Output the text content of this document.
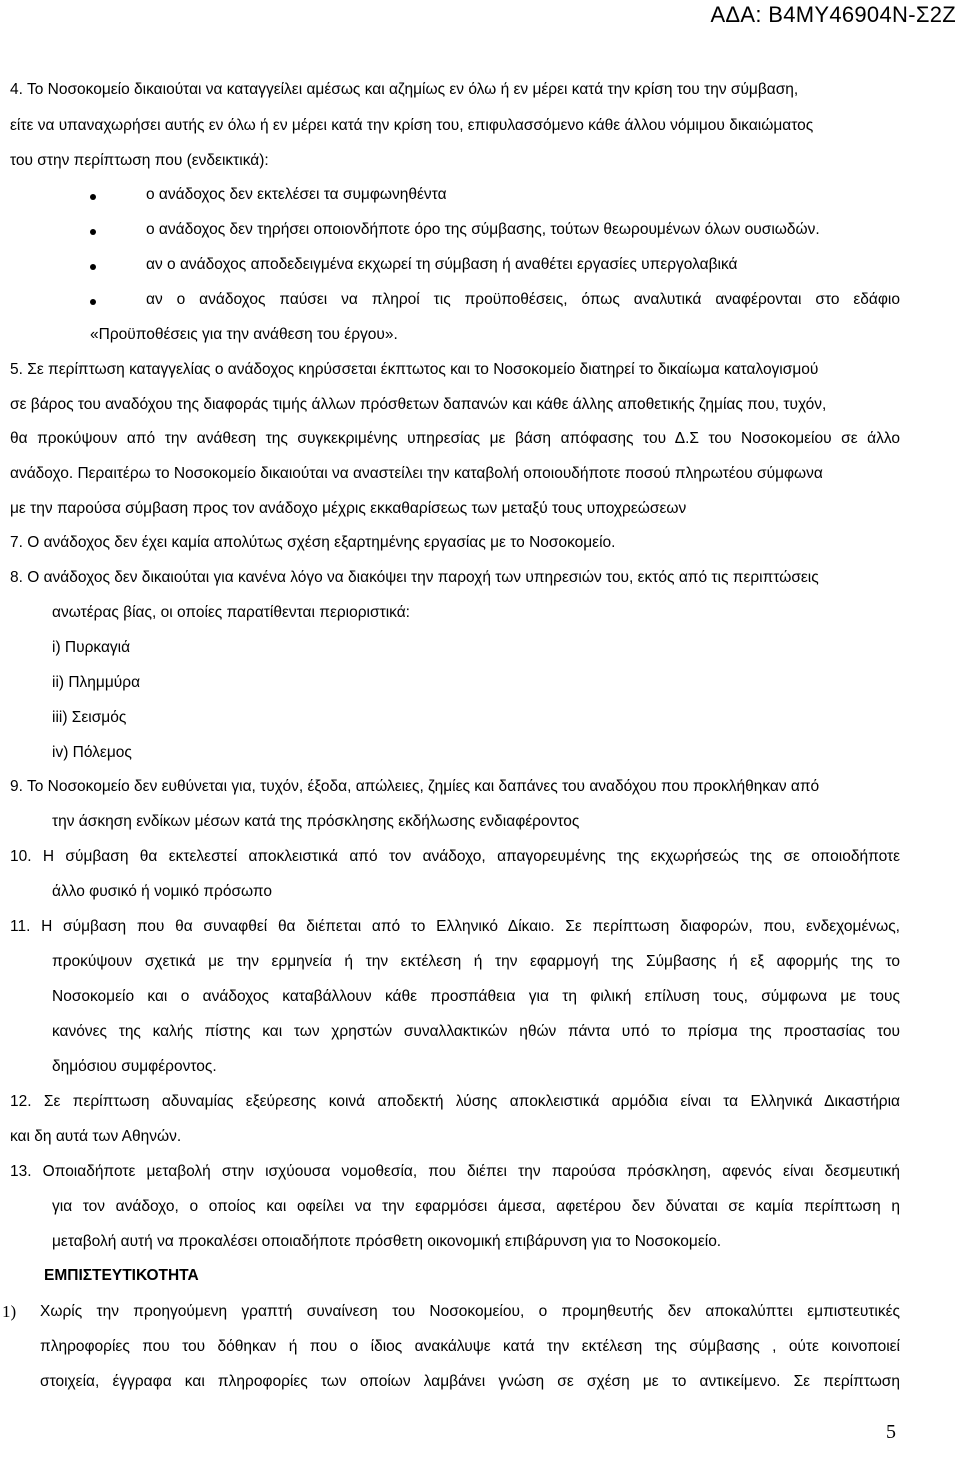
ΑΔΑ: Β4ΜΥ46904Ν-Σ2Ζ
4. Το Νοσοκομείο δικαιούται να καταγγείλει αμέσως και αζημίως εν όλω ή εν μέρει κατά την κρίση του την σύμβαση,
είτε να υπαναχωρήσει αυτής εν όλω ή εν μέρει κατά την κρίση του, επιφυλασσόμενο κάθε άλλου νόμιμου δικαιώματος
του στην περίπτωση που (ενδεικτικά):
ο ανάδοχος δεν εκτελέσει τα συμφωνηθέντα
ο ανάδοχος δεν τηρήσει οποιονδήποτε όρο της σύμβασης, τούτων θεωρουμένων όλων ουσιωδών.
αν ο ανάδοχος αποδεδειγμένα εκχωρεί τη σύμβαση ή αναθέτει εργασίες υπεργολαβικά
αν ο ανάδοχος παύσει να πληροί τις προϋποθέσεις, όπως αναλυτικά αναφέρονται στο εδάφιο
«Προϋποθέσεις για την ανάθεση του έργου».
5. Σε περίπτωση καταγγελίας ο ανάδοχος κηρύσσεται έκπτωτος και το Νοσοκομείο διατηρεί το δικαίωμα καταλογισμού
σε βάρος του αναδόχου της διαφοράς τιμής άλλων πρόσθετων δαπανών και κάθε άλλης αποθετικής ζημίας που, τυχόν,
θα προκύψουν από την ανάθεση της συγκεκριμένης υπηρεσίας με βάση απόφασης του Δ.Σ του Νοσοκομείου σε άλλο
ανάδοχο. Περαιτέρω το Νοσοκομείο δικαιούται να αναστείλει την καταβολή οποιουδήποτε ποσού πληρωτέου σύμφωνα
με την παρούσα σύμβαση προς τον ανάδοχο μέχρις εκκαθαρίσεως των μεταξύ τους υποχρεώσεων
7. Ο ανάδοχος δεν έχει καμία απολύτως σχέση εξαρτημένης εργασίας με το Νοσοκομείο.
8. Ο ανάδοχος δεν δικαιούται για κανένα λόγο να διακόψει την παροχή των υπηρεσιών του, εκτός από τις περιπτώσεις
ανωτέρας βίας, οι οποίες παρατίθενται περιοριστικά:
i) Πυρκαγιά
ii) Πλημμύρα
iii) Σεισμός
iv) Πόλεμος
9. Το Νοσοκομείο δεν ευθύνεται για, τυχόν, έξοδα, απώλειες, ζημίες και δαπάνες του αναδόχου που προκλήθηκαν από
την άσκηση ενδίκων μέσων κατά της πρόσκλησης εκδήλωσης ενδιαφέροντος
10. Η σύμβαση θα εκτελεστεί αποκλειστικά από τον ανάδοχο, απαγορευμένης της εκχωρήσεώς της σε οποιοδήποτε
άλλο φυσικό ή νομικό πρόσωπο
11. Η σύμβαση που θα συναφθεί θα διέπεται από το Ελληνικό Δίκαιο. Σε περίπτωση διαφορών, που, ενδεχομένως,
προκύψουν σχετικά με την ερμηνεία ή την εκτέλεση ή την εφαρμογή της Σύμβασης ή εξ αφορμής της το
Νοσοκομείο και ο ανάδοχος καταβάλλουν κάθε προσπάθεια για τη φιλική επίλυση τους, σύμφωνα με τους
κανόνες της καλής πίστης και των χρηστών συναλλακτικών ηθών πάντα υπό το πρίσμα της προστασίας του
δημόσιου συμφέροντος.
12. Σε περίπτωση αδυναμίας εξεύρεσης κοινά αποδεκτή λύσης αποκλειστικά αρμόδια είναι τα Ελληνικά Δικαστήρια
και δη αυτά των Αθηνών.
13. Οποιαδήποτε μεταβολή στην ισχύουσα νομοθεσία, που διέπει την παρούσα πρόσκληση, αφενός είναι δεσμευτική
για τον ανάδοχο, ο οποίος και οφείλει να την εφαρμόσει άμεσα, αφετέρου δεν δύναται σε καμία περίπτωση η
μεταβολή αυτή να προκαλέσει οποιαδήποτε πρόσθετη οικονομική επιβάρυνση για το Νοσοκομείο.
ΕΜΠΙΣΤΕΥΤΙΚΟΤΗΤΑ
1) Χωρίς την προηγούμενη γραπτή συναίνεση του Νοσοκομείου, ο προμηθευτής δεν αποκαλύπτει εμπιστευτικές
πληροφορίες που του δόθηκαν ή που ο ίδιος ανακάλυψε κατά την εκτέλεση της σύμβασης , ούτε κοινοποιεί
στοιχεία, έγγραφα και πληροφορίες των οποίων λαμβάνει γνώση σε σχέση με το αντικείμενο. Σε περίπτωση
5
